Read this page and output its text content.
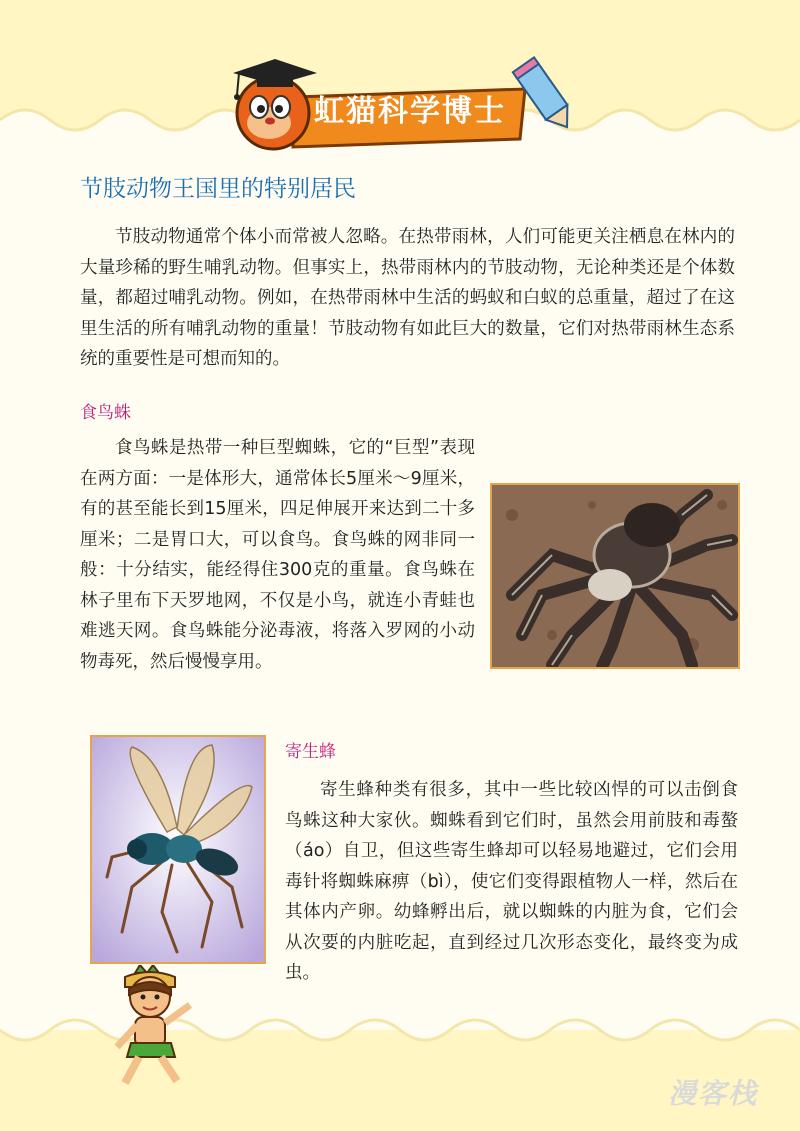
虹猫科学博士
节肢动物王国里的特别居民

节肢动物通常个体小而常被人忽略。在热带雨林，人们可能更关注栖息在林内的大量珍稀的野生哺乳动物。但事实上，热带雨林内的节肢动物，无论种类还是个体数量，都超过哺乳动物。例如，在热带雨林中生活的蚂蚁和白蚁的总重量，超过了在这里生活的所有哺乳动物的重量！节肢动物有如此巨大的数量，它们对热带雨林生态系统的重要性是可想而知的。

食鸟蛛

食鸟蛛是热带一种巨型蜘蛛，它的“巨型”表现在两方面：一是体形大，通常体长5厘米～9厘米，有的甚至能长到15厘米，四足伸展开来达到二十多厘米；二是胃口大，可以食鸟。食鸟蛛的网非同一般：十分结实，能经得住300克的重量。食鸟蛛在林子里布下天罗地网，不仅是小鸟，就连小青蛙也难逃天网。食鸟蛛能分泌毒液，将落入罗网的小动物毒死，然后慢慢享用。

寄生蜂

寄生蜂种类有很多，其中一些比较凶悍的可以击倒食鸟蛛这种大家伙。蜘蛛看到它们时，虽然会用前肢和毒螯（áo）自卫，但这些寄生蜂却可以轻易地避过，它们会用毒针将蜘蛛麻痹（bì），使它们变得跟植物人一样，然后在其体内产卵。幼蜂孵出后，就以蜘蛛的内脏为食，它们会从次要的内脏吃起，直到经过几次形态变化，最终变为成虫。

漫客栈
